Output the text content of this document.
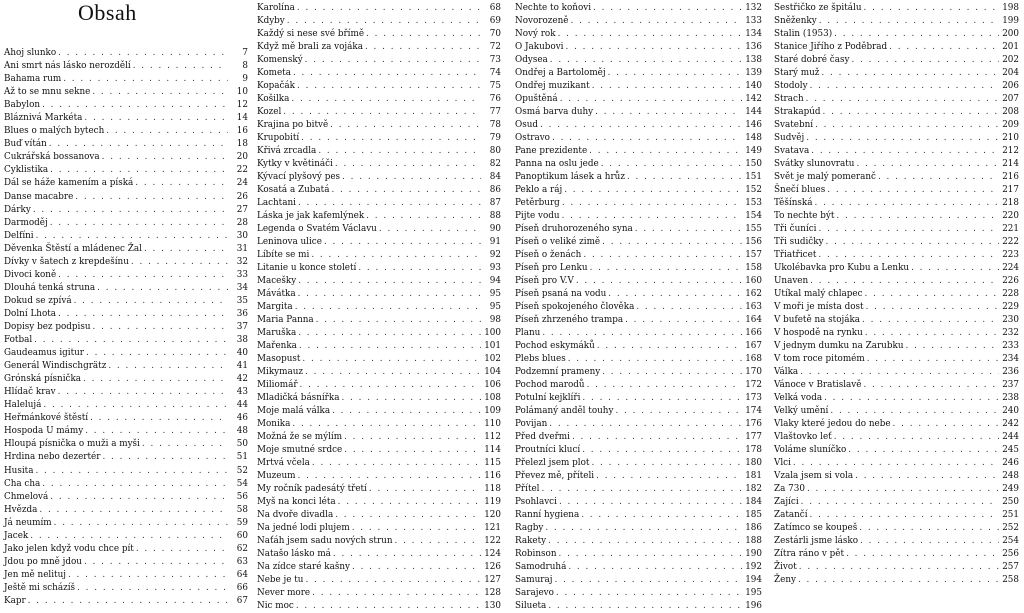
Obsah
Ahoj slunko . . .	7
Ani smrt nás lásko nerozdělí . . .	8
Bahama rum . . .	9
Až to se mnu sekne . . .	10
Babylon . . .	12
Bláznivá Markéta . . .	14
Blues o malých bytech . . .	16
Buď vítán . . .	18
Cukrářská bossanova . . .	20
Cyklistika . . .	22
Dál se háže kamením a píská . . .	24
Danse macabre . . .	26
Dárky . . .	27
Darmoděj . . .	28
Delfíni . . .	30
Děvenka Štěstí a mládenec Žal . . .	31
Dívky v šatech z krepdešínu . . .	32
Divoci koně . . .	33
Dlouhá tenká struna . . .	34
Dokud se zpívá . . .	35
Dolní Lhota . . .	36
Dopisy bez podpisu . . .	37
Fotbal . . .	38
Gaudeamus igitur . . .	40
Generál Windischgrätz . . .	41
Grónská písnička . . .	42
Hlídač krav . . .	43
Halelujá . . .	44
Heřmánkové štěstí . . .	46
Hospoda U mámy . . .	48
Hloupá písnička o muži a myši . . .	50
Hrdina nebo dezertér . . .	51
Husita . . .	52
Cha cha . . .	54
Chmelová . . .	56
Hvězda . . .	58
Já neumím . . .	59
Jacek . . .	60
Jako jelen když vodu chce pít . . .	62
Jdou po mně jdou . . .	63
Jen mě nelituj . . .	64
Ještě mi scházíš . . .	66
Kapr . . .	67
Karolína . . .	68
Kdyby . . .	69
Každý si nese své břímě . . .	70
Když mě brali za vojáka . . .	72
Komenský . . .	73
Kometa . . .	74
Kopačák . . .	75
Košilka . . .	76
Kozel . . .	77
Krajina po bitvě . . .	78
Krupobití . . .	79
Křivá zrcadla . . .	80
Kytky v květináči . . .	82
Kývací plyšový pes . . .	84
Kosatá a Zubatá . . .	86
Lachtani . . .	87
Láska je jak kafemlýnek . . .	88
Legenda o Svatém Václavu . . .	90
Leninova ulice . . .	91
Líbíte se mi . . .	92
Litanie u konce století . . .	93
Macešky . . .	94
Mávátka . . .	95
Margita . . .	95
Maria Panna . . .	98
Maruška . . .	100
Mařenka . . .	101
Masopust . . .	102
Mikymauz . . .	104
Miliomář . . .	106
Mladičká básnířka . . .	108
Moje malá válka . . .	109
Monika . . .	110
Možná že se mýlím . . .	112
Moje smutné srdce . . .	114
Mrtvá včela . . .	115
Muzeum . . .	116
My ročník padesátý třetí . . .	118
Myš na konci léta . . .	119
Na dvoře divadla . . .	120
Na jedné lodi plujem . . .	121
Naťáh jsem sadu nových strun . . .	122
Natašo lásko má . . .	124
Na zídce staré kašny . . .	126
Nebe je tu . . .	127
Never more . . .	128
Nic moc . . .	130
Nechte to koňovi . . .	132
Novorozeně . . .	133
Nový rok . . .	134
O Jakubovi . . .	136
Odysea . . .	138
Ondřej a Bartoloměj . . .	139
Ondřej muzikant . . .	140
Opuštěná . . .	142
Osmá barva duhy . . .	144
Osud . . .	146
Ostravo . . .	148
Pane prezidente . . .	149
Panna na oslu jede . . .	150
Panoptikum lásek a hrůz . . .	151
Peklo a ráj . . .	152
Petěrburg . . .	153
Pijte vodu . . .	154
Píseň druhorozeného syna . . .	155
Píseň o veliké zimě . . .	156
Píseň o ženách . . .	157
Píseň pro Lenku . . .	158
Píseň pro V.V . . .	160
Píseň psaná na vodu . . .	162
Píseň spokojeného člověka . . .	163
Píseň zhrzeného trampa . . .	164
Planu . . .	166
Pochod eskymáků . . .	167
Plebs blues . . .	168
Podzemní prameny . . .	170
Pochod marodů . . .	172
Potulní kejklíři . . .	173
Polámaný anděl touhy . . .	174
Povijan . . .	176
Před dveřmi . . .	177
Proutníci klucí . . .	178
Přelezl jsem plot . . .	180
Převez mě, příteli . . .	181
Přítel . . .	182
Psohlavci . . .	184
Ranní hygiena . . .	185
Ragby . . .	186
Rakety . . .	188
Robinson . . .	190
Samodruhá . . .	192
Samuraj . . .	194
Sarajevo . . .	195
Silueta . . .	196
Sestřičko ze špitálu . . .	198
Sněženky . . .	199
Stalin (1953) . . .	200
Stanice Jiřího z Poděbrad . . .	201
Staré dobré časy . . .	202
Starý muž . . .	204
Stodoly . . .	206
Strach . . .	207
Strakapúd . . .	208
Svatební . . .	209
Sudvěj . . .	210
Svatava . . .	212
Svátky slunovratu . . .	214
Svět je malý pomeranč . . .	216
Šnečí blues . . .	217
Těšínská . . .	218
To nechte být . . .	220
Tři čuníci . . .	221
Tři sudičky . . .	222
Třiatřicet . . .	223
Ukolébavka pro Kubu a Lenku . . .	224
Unaven . . .	226
Utíkal malý chlapec . . .	228
V moři je místa dost . . .	229
V bufetě na stojáka . . .	230
V hospodě na rynku . . .	232
V jednym dumku na Zarubku . . .	233
V tom roce pitomém . . .	234
Válka . . .	236
Vánoce v Bratislavě . . .	237
Velká voda . . .	238
Velký umění . . .	240
Vlaky které jedou do nebe . . .	242
Vlaštovko leť . . .	244
Voláme sluníčko . . .	245
Vlci . . .	246
Vzala jsem si vola . . .	248
Za 730 . . .	249
Zajíci . . .	250
Zatančí . . .	251
Zatímco se koupeš . . .	252
Zestárli jsme lásko . . .	254
Zítra ráno v pět . . .	256
Život . . .	257
Ženy . . .	258
